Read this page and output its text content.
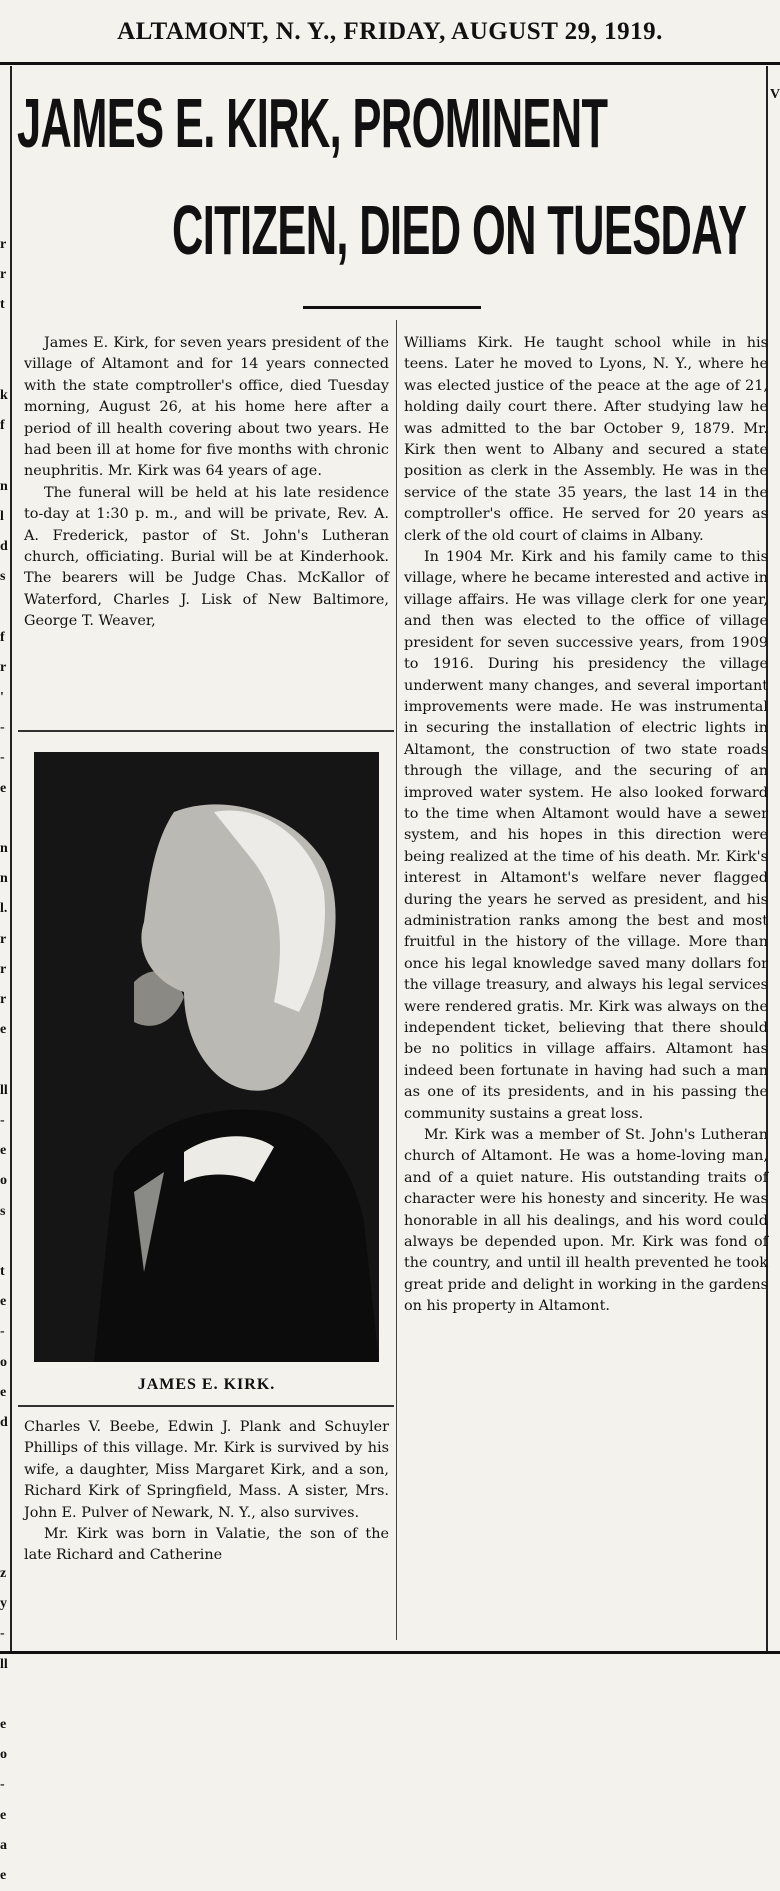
ALTAMONT, N. Y., FRIDAY, AUGUST 29, 1919.
r
r
t

k
f

n
l
d
s

f
r
'
-
-
e

n
n
l.
r
r
r
e

ll
-
e
o
s

t
e
-
o
e
d

z
y
-
ll

e
o
-
e
a
e
V
JAMES E. KIRK, PROMINENT
CITIZEN, DIED ON TUESDAY

James E. Kirk, for seven years president of the village of Altamont and for 14 years connected with the state comptroller's office, died Tuesday morning, August 26, at his home here after a period of ill health covering about two years. He had been ill at home for five months with chronic neuphritis. Mr. Kirk was 64 years of age.

The funeral will be held at his late residence to-day at 1:30 p. m., and will be private, Rev. A. A. Frederick, pastor of St. John's Lutheran church, officiating. Burial will be at Kinderhook. The bearers will be Judge Chas. McKallor of Waterford, Charles J. Lisk of New Baltimore, George T. Weaver,

JAMES E. KIRK.

Charles V. Beebe, Edwin J. Plank and Schuyler Phillips of this village. Mr. Kirk is survived by his wife, a daughter, Miss Margaret Kirk, and a son, Richard Kirk of Springfield, Mass. A sister, Mrs. John E. Pulver of Newark, N. Y., also survives.

Mr. Kirk was born in Valatie, the son of the late Richard and Catherine

Williams Kirk. He taught school while in his teens. Later he moved to Lyons, N. Y., where he was elected justice of the peace at the age of 21, holding daily court there. After studying law he was admitted to the bar October 9, 1879. Mr. Kirk then went to Albany and secured a state position as clerk in the Assembly. He was in the service of the state 35 years, the last 14 in the comptroller's office. He served for 20 years as clerk of the old court of claims in Albany.

In 1904 Mr. Kirk and his family came to this village, where he became interested and active in village affairs. He was village clerk for one year, and then was elected to the office of village president for seven successive years, from 1909 to 1916. During his presidency the village underwent many changes, and several important improvements were made. He was instrumental in securing the installation of electric lights in Altamont, the construction of two state roads through the village, and the securing of an improved water system. He also looked forward to the time when Altamont would have a sewer system, and his hopes in this direction were being realized at the time of his death. Mr. Kirk's interest in Altamont's welfare never flagged during the years he served as president, and his administration ranks among the best and most fruitful in the history of the village. More than once his legal knowledge saved many dollars for the village treasury, and always his legal services were rendered gratis. Mr. Kirk was always on the independent ticket, believing that there should be no politics in village affairs. Altamont has indeed been fortunate in having had such a man as one of its presidents, and in his passing the community sustains a great loss.

Mr. Kirk was a member of St. John's Lutheran church of Altamont. He was a home-loving man, and of a quiet nature. His outstanding traits of character were his honesty and sincerity. He was honorable in all his dealings, and his word could always be depended upon. Mr. Kirk was fond of the country, and until ill health prevented he took great pride and delight in working in the gardens on his property in Altamont.
